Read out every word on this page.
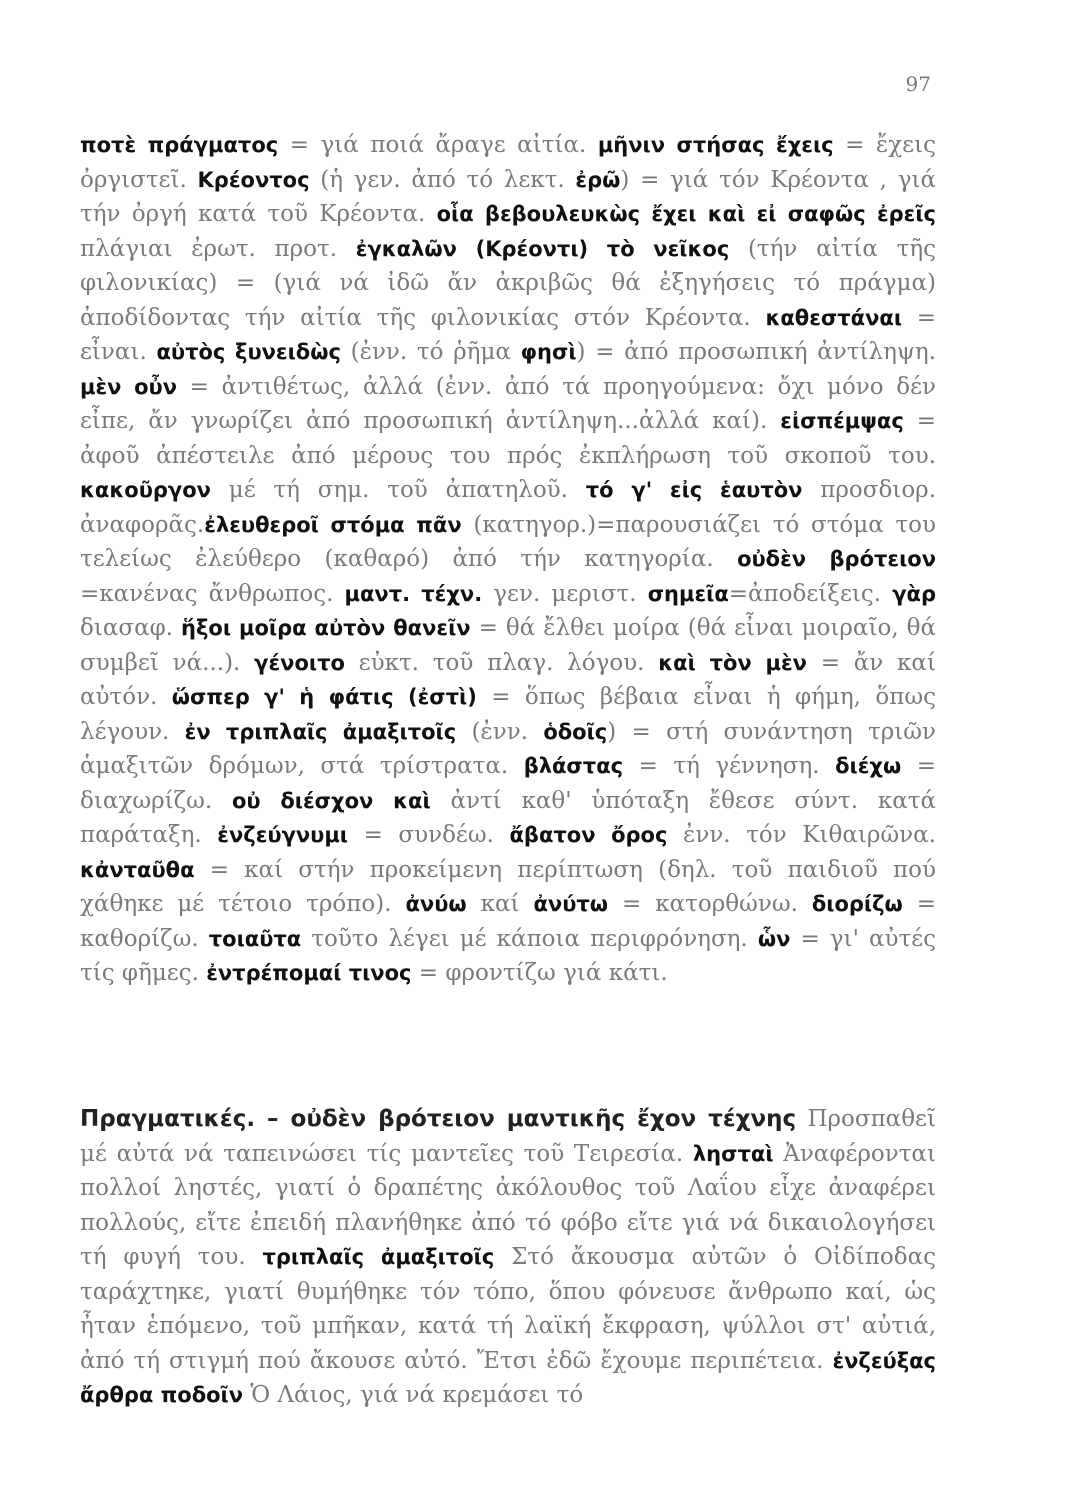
97
ποτὲ πράγματος = γιά ποιά ἄραγε αἰτία. μῆνιν στήσας ἔχεις = ἔχεις ὀργιστεῖ. Κρέοντος (ἡ γεν. ἀπό τό λεκτ. ἐρῶ) = γιά τόν Κρέοντα , γιά τήν ὀργή κατά τοῦ Κρέοντα. οἷα βεβουλευκὼς ἔχει καὶ εἰ σαφῶς ἐρεῖς πλάγιαι ἐρωτ. προτ. ἐγκαλῶν (Κρέοντι) τὸ νεῖκος (τήν αἰτία τῆς φιλονικίας) = (γιά νά ἰδῶ ἄν ἀκριβῶς θά ἐξηγήσεις τό πράγμα) ἀποδίδοντας τήν αἰτία τῆς φιλονικίας στόν Κρέοντα. καθεστάναι = εἶναι. αὐτὸς ξυνειδὼς (ἐνν. τό ῥῆμα φησὶ) = ἀπό προσωπική ἀντίληψη. μὲν οὖν = ἀντιθέτως, ἀλλά (ἐνν. ἀπό τά προηγούμενα: ὄχι μόνο δέν εἶπε, ἄν γνωρίζει ἀπό προσωπική ἀντίληψη...ἀλλά καί). εἰσπέμψας = ἀφοῦ ἀπέστειλε ἀπό μέρους του πρός ἐκπλήρωση τοῦ σκοποῦ του. κακοῦργον μέ τή σημ. τοῦ ἀπατηλοῦ. τό γ' εἰς ἑαυτὸν προσδιορ. ἀναφορᾶς.ἐλευθεροῖ στόμα πᾶν (κατηγορ.)=παρουσιάζει τό στόμα του τελείως ἐλεύθερο (καθαρό) ἀπό τήν κατηγορία. οὐδὲν βρότειον =κανένας ἄνθρωπος. μαντ. τέχν. γεν. μεριστ. σημεῖα=ἀποδείξεις. γὰρ διασαφ. ἥξοι μοῖρα αὐτὸν θανεῖν = θά ἔλθει μοίρα (θά εἶναι μοιραῖο, θά συμβεῖ νά...). γένοιτο εὐκτ. τοῦ πλαγ. λόγου. καὶ τὸν μὲν = ἄν καί αὐτόν. ὥσπερ γ' ἡ φάτις (ἐστὶ) = ὅπως βέβαια εἶναι ἡ φήμη, ὅπως λέγουν. ἐν τριπλαῖς ἀμαξιτοῖς (ἐνν. ὁδοῖς) = στή συνάντηση τριῶν ἁμαξιτῶν δρόμων, στά τρίστρατα. βλάστας = τή γέννηση. διέχω = διαχωρίζω. οὐ διέσχον καὶ ἀντί καθ' ὑπόταξη ἔθεσε σύντ. κατά παράταξη. ἐνζεύγνυμι = συνδέω. ἄβατον ὄρος ἐνν. τόν Κιθαιρῶνα. κἀνταῦθα = καί στήν προκείμενη περίπτωση (δηλ. τοῦ παιδιοῦ πού χάθηκε μέ τέτοιο τρόπο). ἀνύω καί ἀνύτω = κατορθώνω. διορίζω = καθορίζω. τοιαῦτα τοῦτο λέγει μέ κάποια περιφρόνηση. ὧν = γι' αὐτές τίς φῆμες. ἐντρέπομαί τινος = φροντίζω γιά κάτι.
Πραγματικές. – οὐδὲν βρότειον μαντικῆς ἔχον τέχνης Προσπαθεῖ μέ αὐτά νά ταπεινώσει τίς μαντεῖες τοῦ Τειρεσία. λησταὶ Ἀναφέρονται πολλοί ληστές, γιατί ὁ δραπέτης ἀκόλουθος τοῦ Λαΐου εἶχε ἀναφέρει πολλούς, εἴτε ἐπειδή πλανήθηκε ἀπό τό φόβο εἴτε γιά νά δικαιολογήσει τή φυγή του. τριπλαῖς ἀμαξιτοῖς Στό ἄκουσμα αὐτῶν ὁ Οἰδίποδας ταράχτηκε, γιατί θυμήθηκε τόν τόπο, ὅπου φόνευσε ἄνθρωπο καί, ὡς ἦταν ἑπόμενο, τοῦ μπῆκαν, κατά τή λαϊκή ἔκφραση, ψύλλοι στ' αὐτιά, ἀπό τή στιγμή πού ἄκουσε αὐτό. Ἔτσι ἐδῶ ἔχουμε περιπέτεια. ἐνζεύξας ἄρθρα ποδοῖν Ὁ Λάιος, γιά νά κρεμάσει τό
